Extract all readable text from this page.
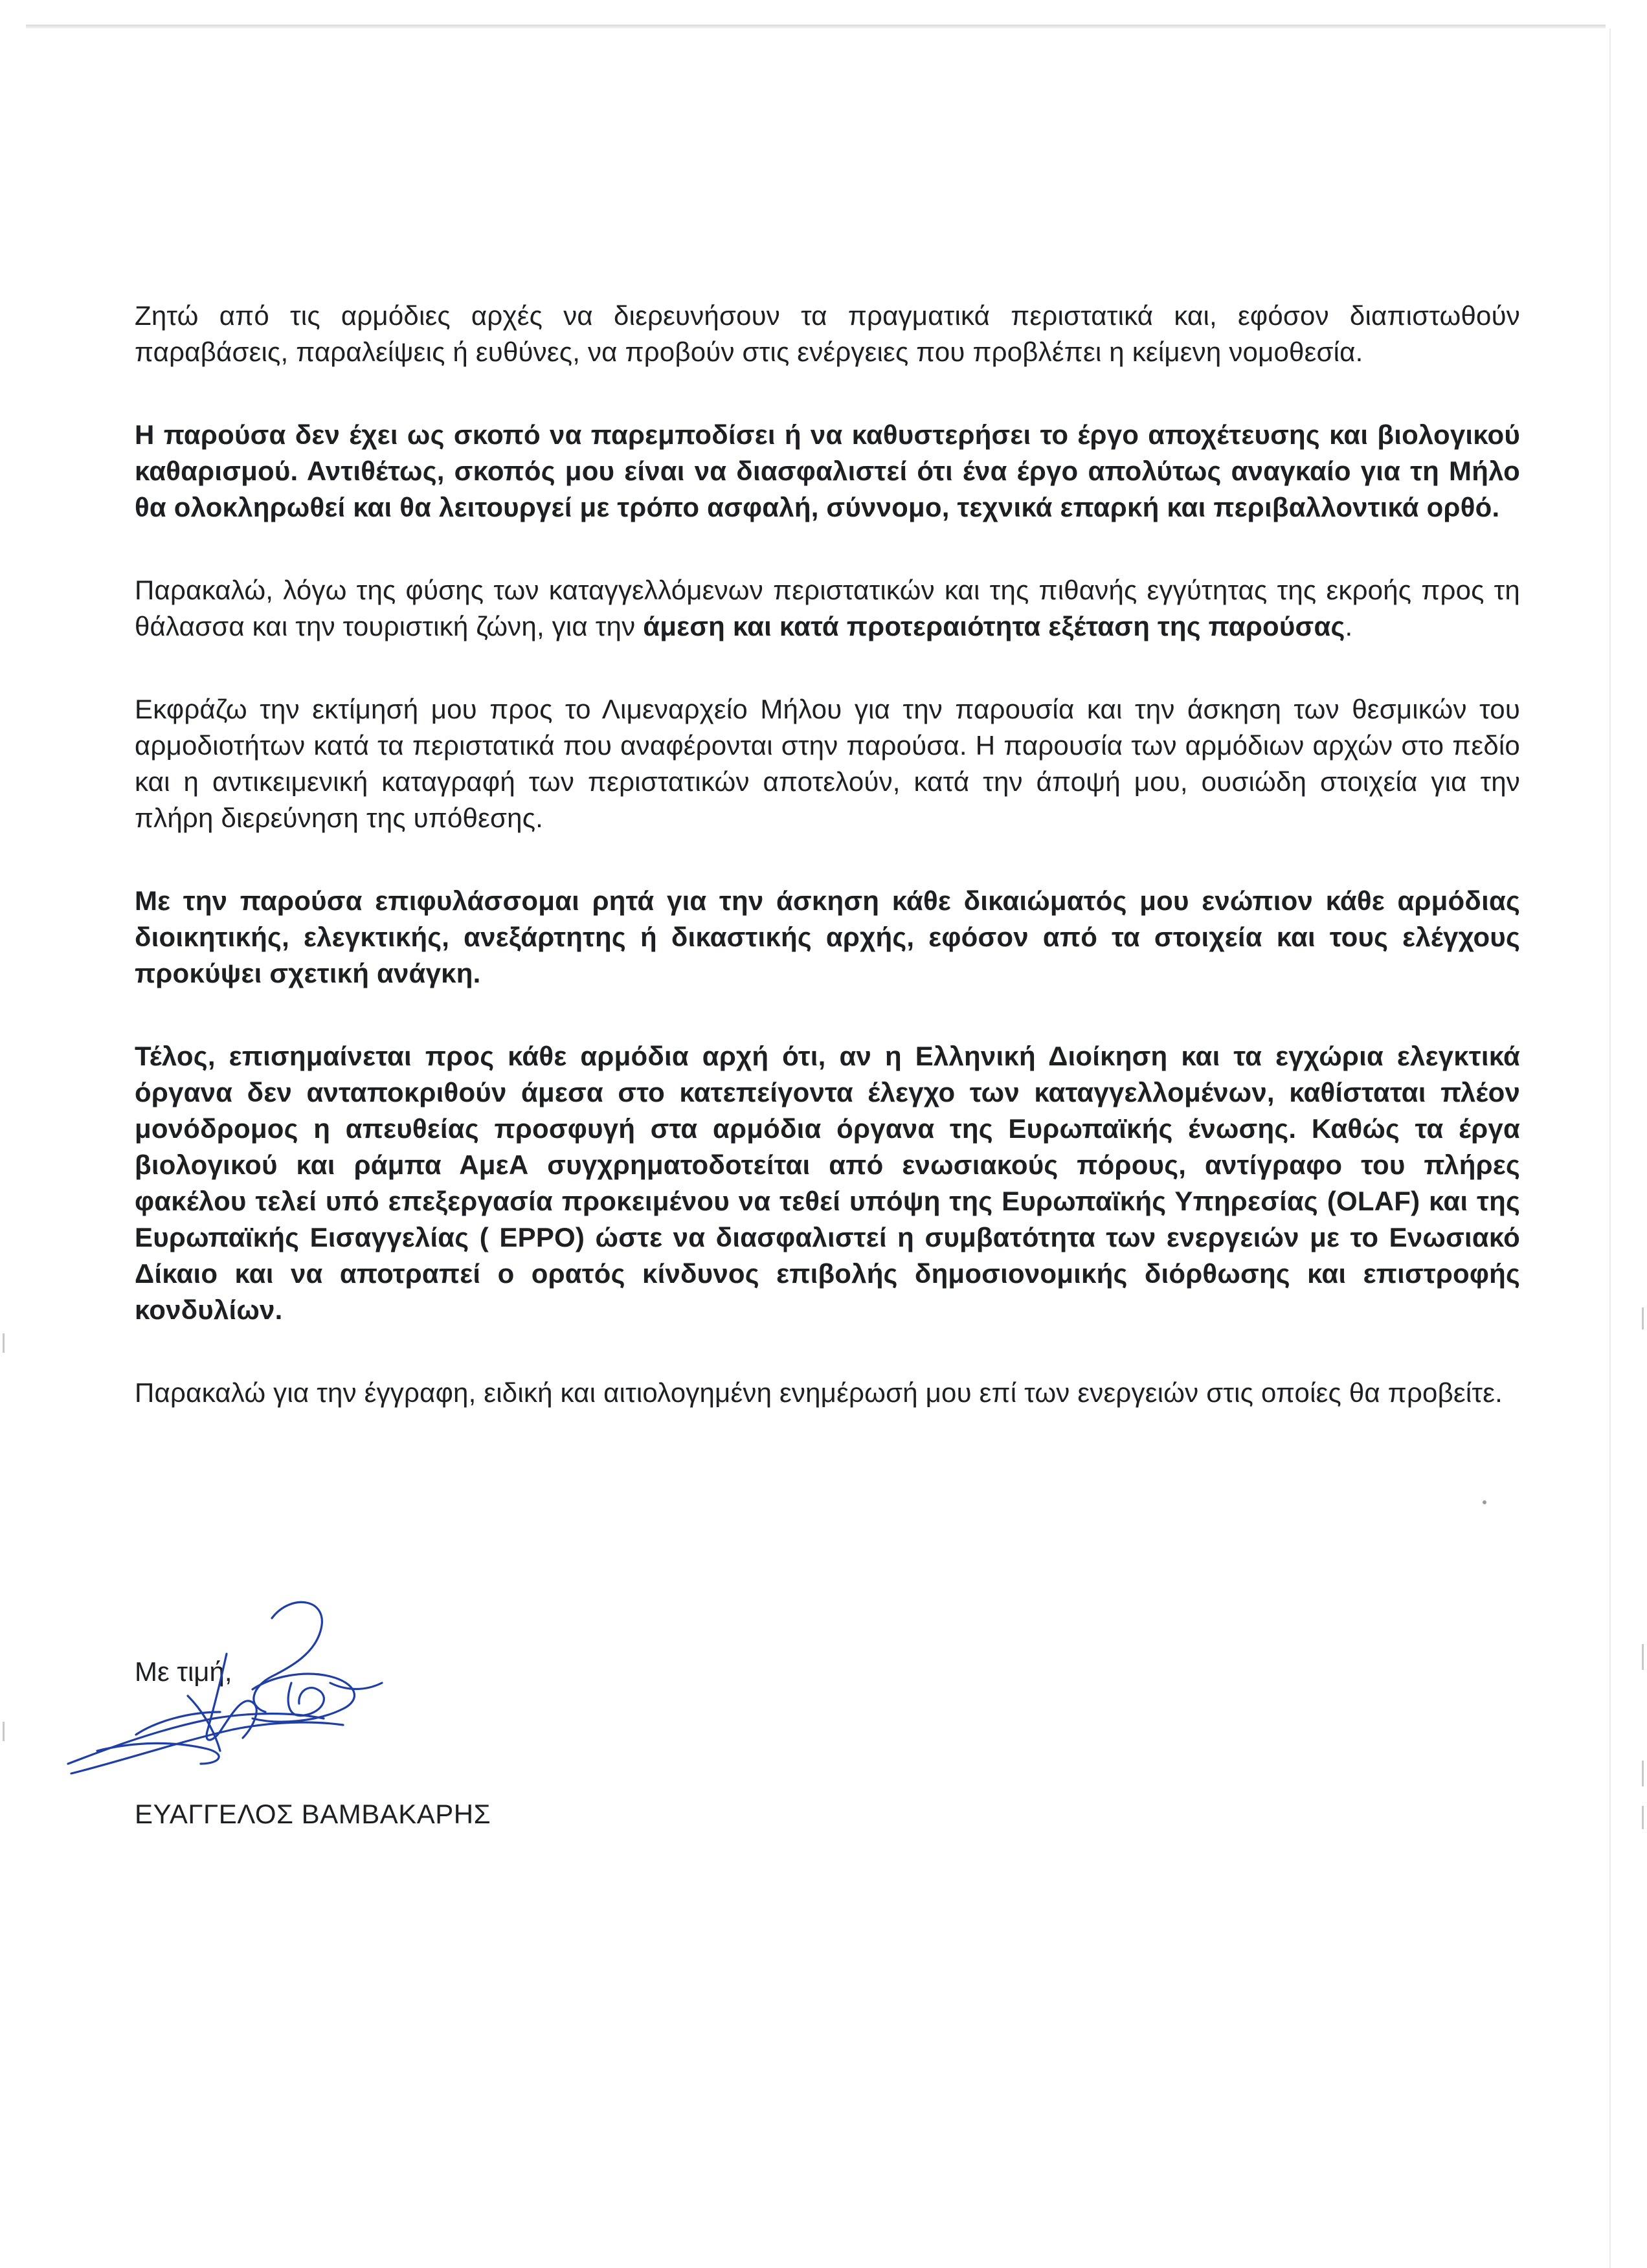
Ζητώ από τις αρμόδιες αρχές να διερευνήσουν τα πραγματικά περιστατικά και, εφόσον διαπιστωθούν παραβάσεις, παραλείψεις ή ευθύνες, να προβούν στις ενέργειες που προβλέπει η κείμενη νομοθεσία.

Η παρούσα δεν έχει ως σκοπό να παρεμποδίσει ή να καθυστερήσει το έργο αποχέτευσης και βιολογικού καθαρισμού. Αντιθέτως, σκοπός μου είναι να διασφαλιστεί ότι ένα έργο απολύτως αναγκαίο για τη Μήλο θα ολοκληρωθεί και θα λειτουργεί με τρόπο ασφαλή, σύννομο, τεχνικά επαρκή και περιβαλλοντικά ορθό.

Παρακαλώ, λόγω της φύσης των καταγγελλόμενων περιστατικών και της πιθανής εγγύτητας της εκροής προς τη θάλασσα και την τουριστική ζώνη, για την άμεση και κατά προτεραιότητα εξέταση της παρούσας.

Εκφράζω την εκτίμησή μου προς το Λιμεναρχείο Μήλου για την παρουσία και την άσκηση των θεσμικών του αρμοδιοτήτων κατά τα περιστατικά που αναφέρονται στην παρούσα. Η παρουσία των αρμόδιων αρχών στο πεδίο και η αντικειμενική καταγραφή των περιστατικών αποτελούν, κατά την άποψή μου, ουσιώδη στοιχεία για την πλήρη διερεύνηση της υπόθεσης.

Με την παρούσα επιφυλάσσομαι ρητά για την άσκηση κάθε δικαιώματός μου ενώπιον κάθε αρμόδιας διοικητικής, ελεγκτικής, ανεξάρτητης ή δικαστικής αρχής, εφόσον από τα στοιχεία και τους ελέγχους προκύψει σχετική ανάγκη.

Τέλος, επισημαίνεται προς κάθε αρμόδια αρχή ότι, αν η Ελληνική Διοίκηση και τα εγχώρια ελεγκτικά όργανα δεν ανταποκριθούν άμεσα στο κατεπείγοντα έλεγχο των καταγγελλομένων, καθίσταται πλέον μονόδρομος η απευθείας προσφυγή στα αρμόδια όργανα της Ευρωπαϊκής ένωσης. Καθώς τα έργα βιολογικού και ράμπα ΑμεΑ συγχρηματοδοτείται από ενωσιακούς πόρους, αντίγραφο του πλήρες φακέλου τελεί υπό επεξεργασία προκειμένου να τεθεί υπόψη της Ευρωπαϊκής Υπηρεσίας (OLAF) και της Ευρωπαϊκής Εισαγγελίας ( EPPO) ώστε να διασφαλιστεί η συμβατότητα των ενεργειών με το Ενωσιακό Δίκαιο και να αποτραπεί ο ορατός κίνδυνος επιβολής δημοσιονομικής διόρθωσης και επιστροφής κονδυλίων.

Παρακαλώ για την έγγραφη, ειδική και αιτιολογημένη ενημέρωσή μου επί των ενεργειών στις οποίες θα προβείτε.

Με τιμή,
ΕΥΑΓΓΕΛΟΣ ΒΑΜΒΑΚΑΡΗΣ
